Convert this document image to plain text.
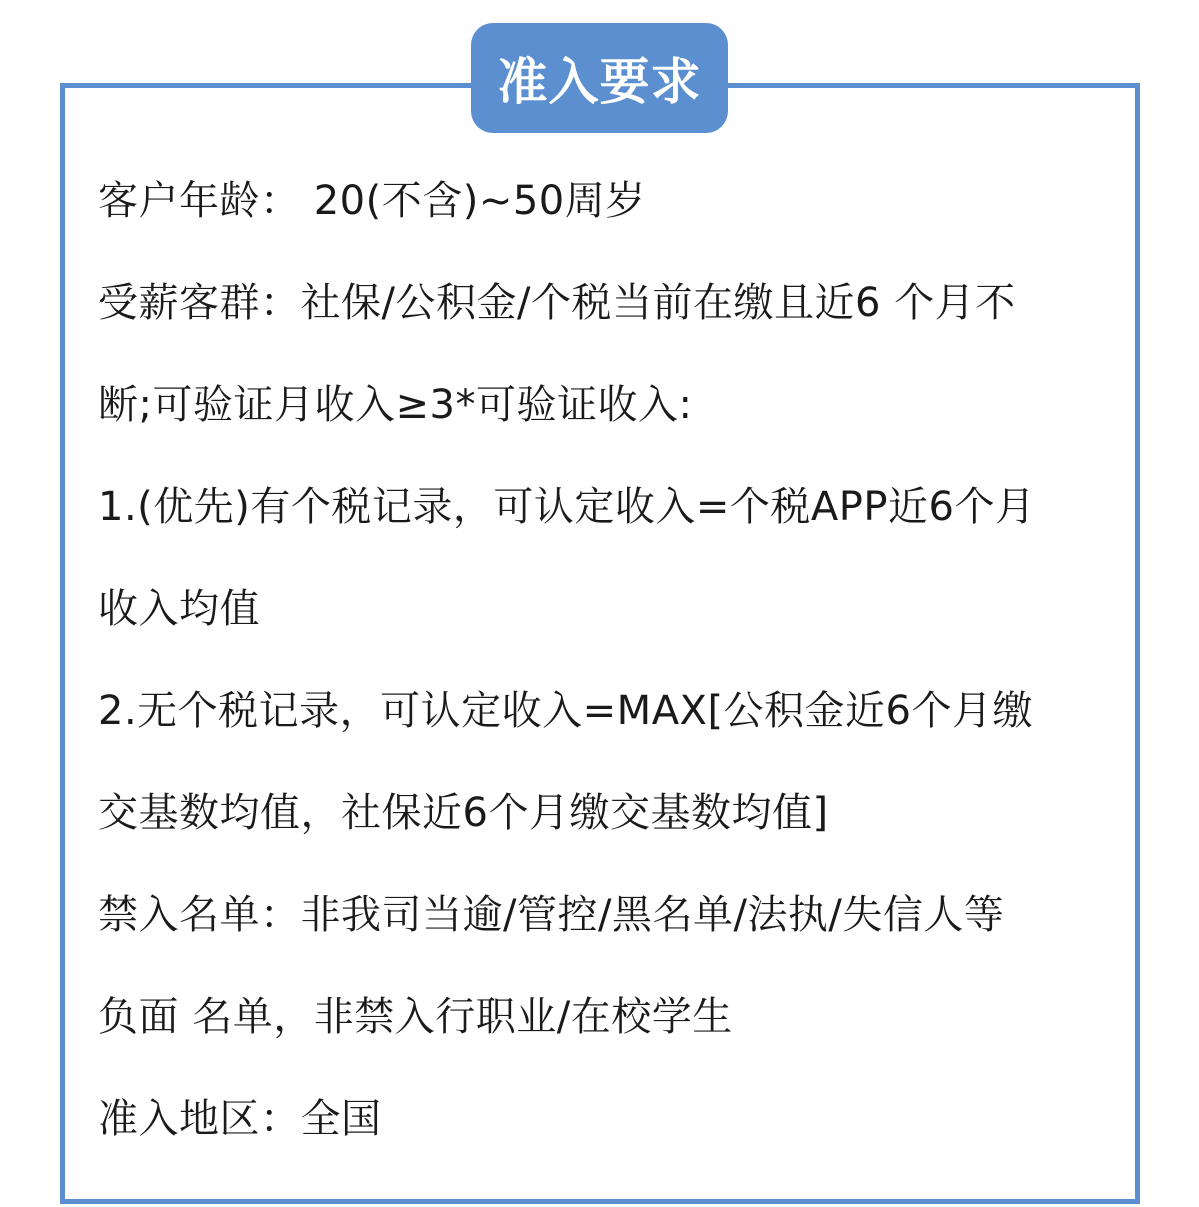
准入要求
客户年龄： 20(不含)~50周岁
受薪客群：社保/公积金/个税当前在缴且近6 个月不
断;可验证月收入≥3*可验证收入:
1.(优先)有个税记录，可认定收入=个税APP近6个月
收入均值
2.无个税记录，可认定收入=MAX[公积金近6个月缴
交基数均值，社保近6个月缴交基数均值]
禁入名单：非我司当逾/管控/黑名单/法执/失信人等
负面 名单，非禁入行职业/在校学生
准入地区：全国
